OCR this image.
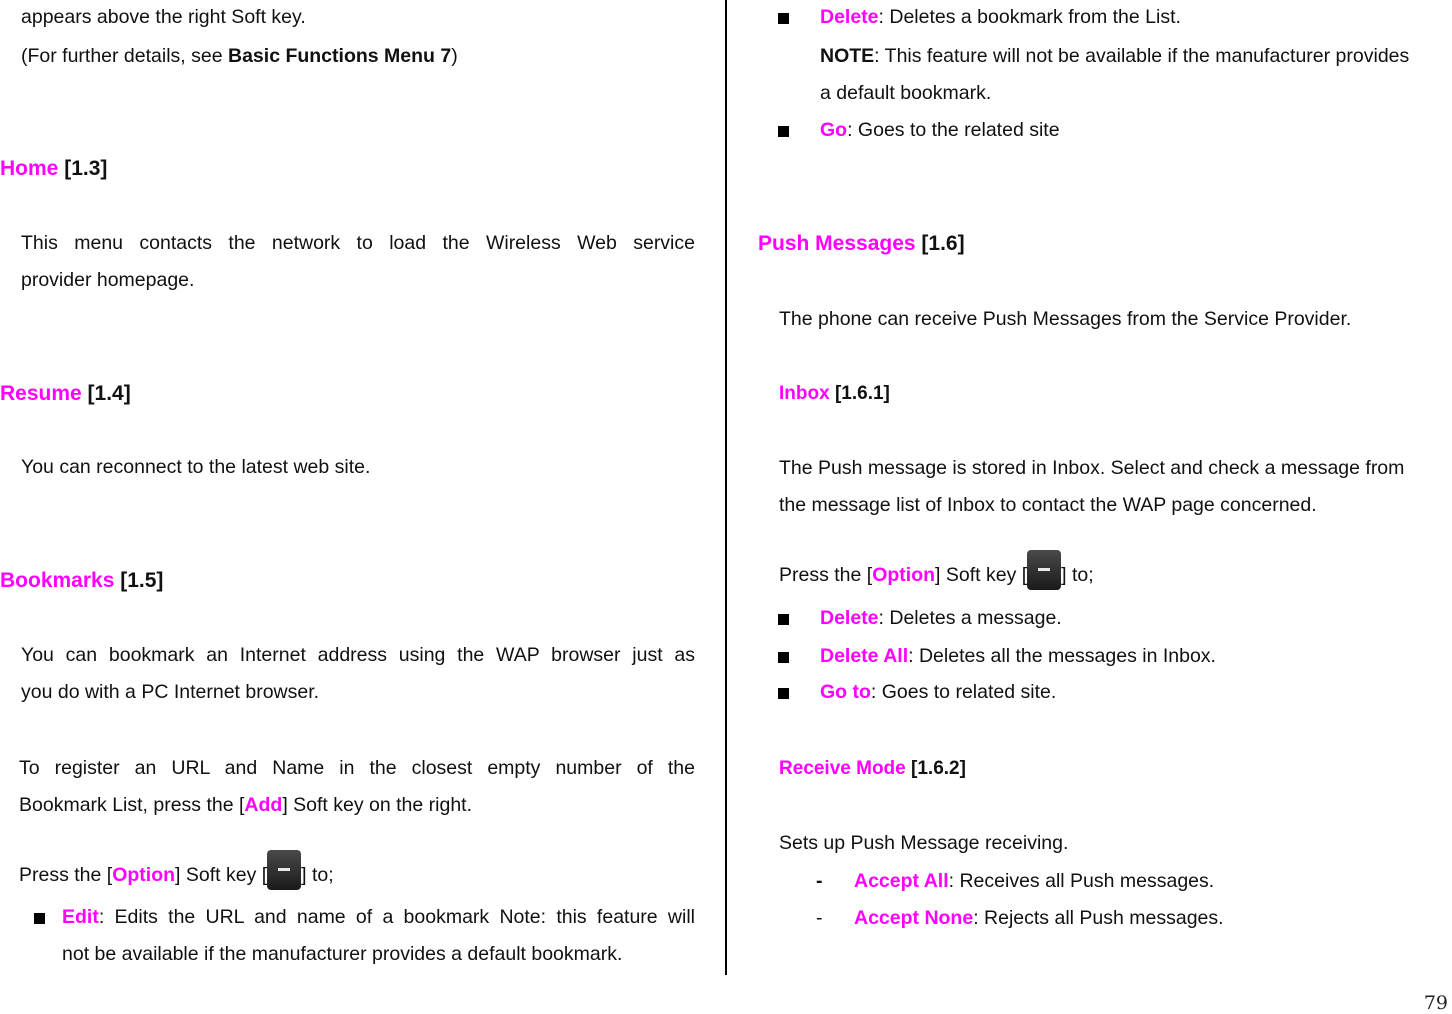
appears above the right Soft key.
(For further details, see Basic Functions Menu 7)
Home [1.3]
This menu contacts the network to load the Wireless Web service
provider homepage.
Resume [1.4]
You can reconnect to the latest web site.
Bookmarks [1.5]
You can bookmark an Internet address using the WAP browser just as
you do with a PC Internet browser.
To register an URL and Name in the closest empty number of the
Bookmark List, press the [Add] Soft key on the right.
Press the [Option] Soft key [ ] to;
Edit: Edits the URL and name of a bookmark Note: this feature will
not be available if the manufacturer provides a default bookmark.
Delete: Deletes a bookmark from the List.
NOTE: This feature will not be available if the manufacturer provides
a default bookmark.
Go: Goes to the related site
Push Messages [1.6]
The phone can receive Push Messages from the Service Provider.
Inbox [1.6.1]
The Push message is stored in Inbox. Select and check a message from
the message list of Inbox to contact the WAP page concerned.
Press the [Option] Soft key [ ] to;
Delete: Deletes a message.
Delete All: Deletes all the messages in Inbox.
Go to: Goes to related site.
Receive Mode [1.6.2]
Sets up Push Message receiving.
- Accept All: Receives all Push messages.
- Accept None: Rejects all Push messages.
79
